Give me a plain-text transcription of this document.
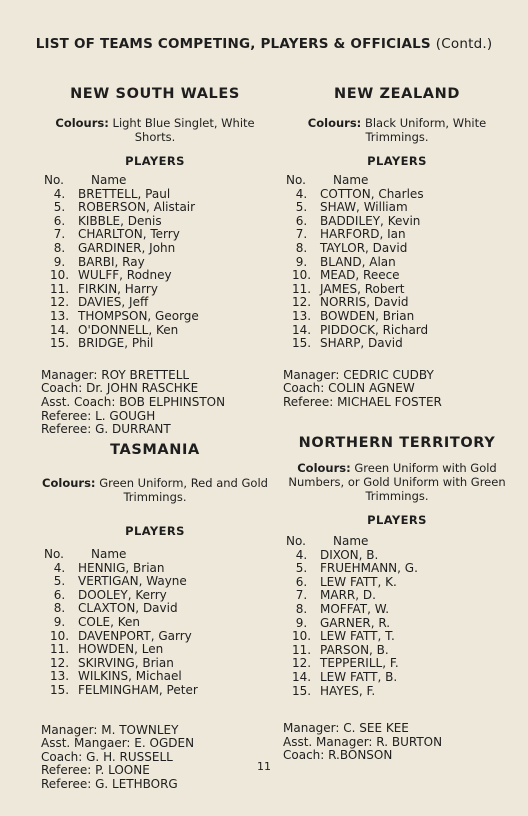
LIST OF TEAMS COMPETING, PLAYERS & OFFICIALS (Contd.)
NEW SOUTH WALES
Colours: Light Blue Singlet, White Shorts.
PLAYERS
No.	Name
4.	BRETTELL, Paul
5.	ROBERSON, Alistair
6.	KIBBLE, Denis
7.	CHARLTON, Terry
8.	GARDINER, John
9.	BARBI, Ray
10. WULFF, Rodney
11. FIRKIN, Harry
12. DAVIES, Jeff
13. THOMPSON, George
14. O'DONNELL, Ken
15. BRIDGE, Phil
Manager: ROY BRETTELL
Coach: Dr. JOHN RASCHKE
Asst. Coach: BOB ELPHINSTON
Referee: L. GOUGH
Referee: G. DURRANT
NEW ZEALAND
Colours: Black Uniform, White Trimmings.
PLAYERS
No.	Name
4.	COTTON, Charles
5.	SHAW, William
6.	BADDILEY, Kevin
7.	HARFORD, Ian
8.	TAYLOR, David
9.	BLAND, Alan
10. MEAD, Reece
11. JAMES, Robert
12. NORRIS, David
13. BOWDEN, Brian
14. PIDDOCK, Richard
15. SHARP, David
Manager: CEDRIC CUDBY
Coach: COLIN AGNEW
Referee: MICHAEL FOSTER
TASMANIA
Colours: Green Uniform, Red and Gold Trimmings.
PLAYERS
No.	Name
4.	HENNIG, Brian
5.	VERTIGAN, Wayne
6.	DOOLEY, Kerry
8.	CLAXTON, David
9.	COLE, Ken
10. DAVENPORT, Garry
11. HOWDEN, Len
12. SKIRVING, Brian
13. WILKINS, Michael
15. FELMINGHAM, Peter
Manager: M. TOWNLEY
Asst. Mangaer: E. OGDEN
Coach: G. H. RUSSELL
Referee: P. LOONE
Referee: G. LETHBORG
NORTHERN TERRITORY
Colours: Green Uniform with Gold Numbers, or Gold Uniform with Green Trimmings.
PLAYERS
No.	Name
4.	DIXON, B.
5.	FRUEHMANN, G.
6.	LEW FATT, K.
7.	MARR, D.
8.	MOFFAT, W.
9.	GARNER, R.
10. LEW FATT, T.
11. PARSON, B.
12. TEPPERILL, F.
14. LEW FATT, B.
15. HAYES, F.
Manager: C. SEE KEE
Asst. Manager: R. BURTON
Coach: R.BONSON
11
